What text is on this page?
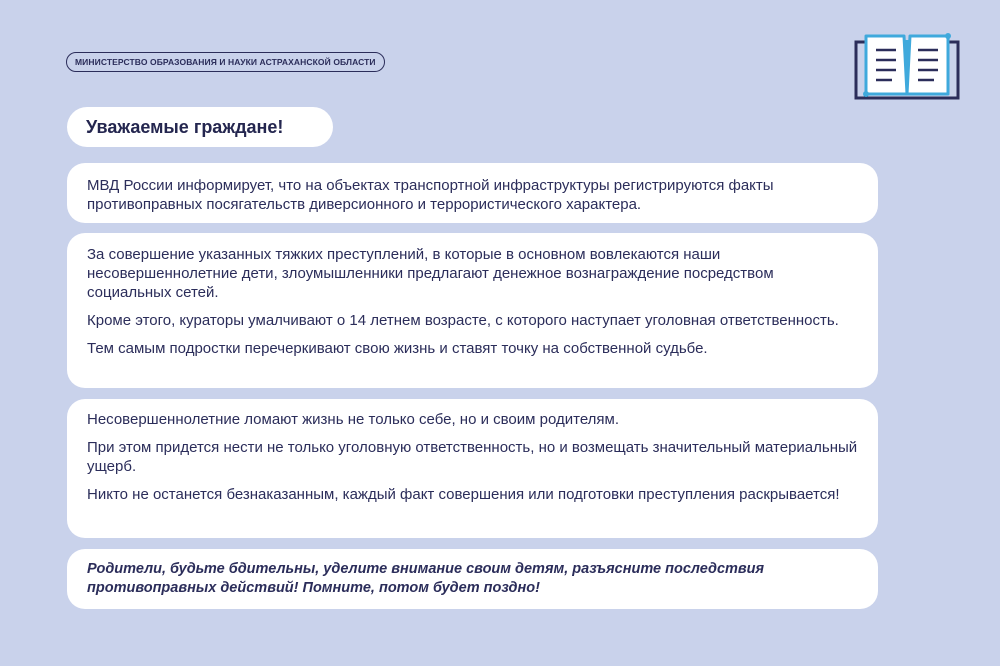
МИНИСТЕРСТВО ОБРАЗОВАНИЯ И НАУКИ АСТРАХАНСКОЙ ОБЛАСТИ
Уважаемые граждане!

МВД России информирует, что на объектах транспортной инфраструктуры регистрируются факты противоправных посягательств диверсионного и террористического характера.

За совершение указанных тяжких преступлений, в которые в основном вовлекаются наши несовершеннолетние дети, злоумышленники предлагают денежное вознаграждение посредством социальных сетей.

Кроме этого, кураторы умалчивают о 14 летнем возрасте, с которого наступает уголовная ответственность.

Тем самым подростки перечеркивают свою жизнь и ставят точку на собственной судьбе.

Несовершеннолетние ломают жизнь не только себе, но и своим родителям.

При этом придется нести не только уголовную ответственность, но и возмещать значительный материальный ущерб.

Никто не останется безнаказанным, каждый факт совершения или подготовки преступления раскрывается!

Родители, будьте бдительны, уделите внимание своим детям, разъясните последствия противоправных действий! Помните, потом будет поздно!
